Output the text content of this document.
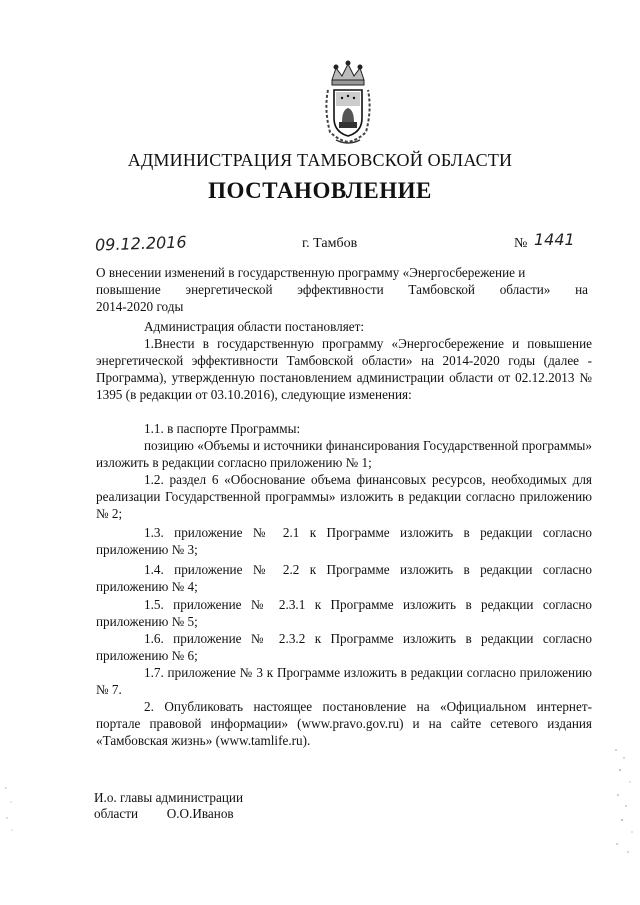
АДМИНИСТРАЦИЯ ТАМБОВСКОЙ ОБЛАСТИ
ПОСТАНОВЛЕНИЕ
09.12.2016	г. Тамбов	№ 1441
О внесении изменений в государственную программу «Энергосбережение и
повышение энергетической эффективности Тамбовской области» на
2014-2020 годы
Администрация области постановляет:
1.Внести в государственную программу «Энергосбережение и повышение энергетической эффективности Тамбовской области» на 2014-2020 годы (далее - Программа), утвержденную постановлением администрации области от 02.12.2013 № 1395 (в редакции от 03.10.2016), следующие изменения:
1.1. в паспорте Программы:
позицию «Объемы и источники финансирования Государственной программы» изложить в редакции согласно приложению № 1;
1.2. раздел 6 «Обоснование объема финансовых ресурсов, необходимых для реализации Государственной программы» изложить в редакции согласно приложению № 2;
1.3. приложение № 2.1 к Программе изложить в редакции согласно приложению № 3;
1.4. приложение № 2.2 к Программе изложить в редакции согласно приложению № 4;
1.5. приложение № 2.3.1 к Программе изложить в редакции согласно приложению № 5;
1.6. приложение № 2.3.2 к Программе изложить в редакции согласно приложению № 6;
1.7. приложение № 3 к Программе изложить в редакции согласно приложению № 7.
2. Опубликовать настоящее постановление на «Официальном интернет- портале правовой информации» (www.pravo.gov.ru) и на сайте сетевого издания «Тамбовская жизнь» (www.tamlife.ru).
И.о. главы администрации
области О.О.Иванов
